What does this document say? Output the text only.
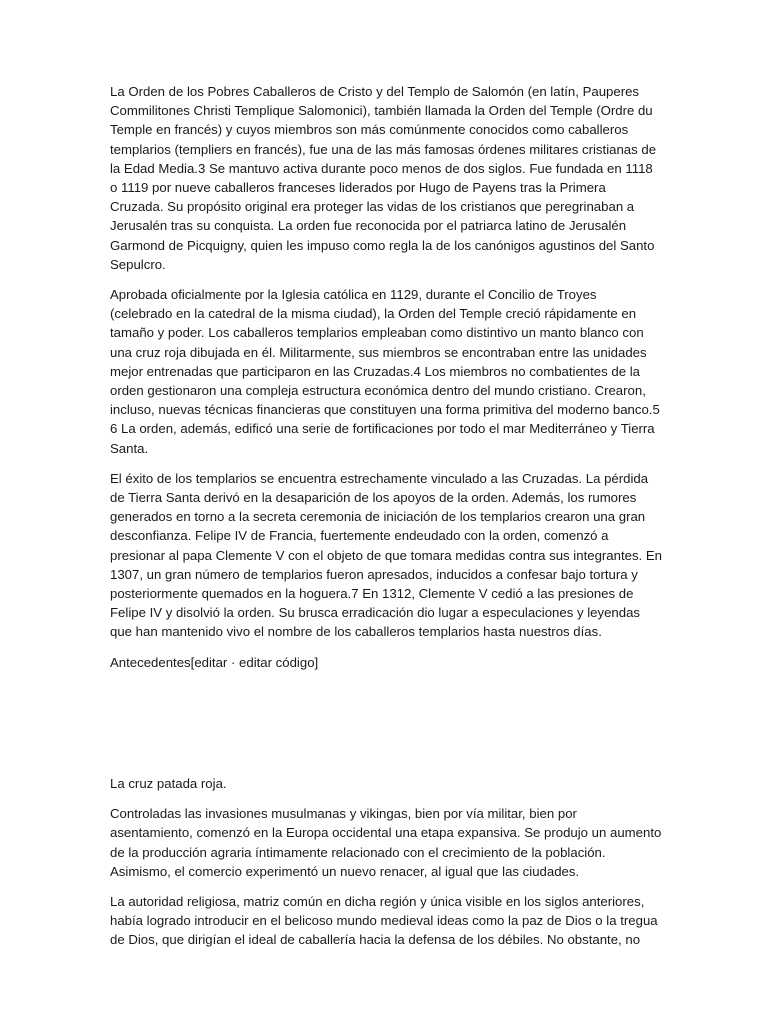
La Orden de los Pobres Caballeros de Cristo y del Templo de Salomón (en latín, Pauperes Commilitones Christi Templique Salomonici), también llamada la Orden del Temple (Ordre du Temple en francés) y cuyos miembros son más comúnmente conocidos como caballeros templarios (templiers en francés), fue una de las más famosas órdenes militares cristianas de la Edad Media.3 Se mantuvo activa durante poco menos de dos siglos. Fue fundada en 1118 o 1119 por nueve caballeros franceses liderados por Hugo de Payens tras la Primera Cruzada. Su propósito original era proteger las vidas de los cristianos que peregrinaban a Jerusalén tras su conquista. La orden fue reconocida por el patriarca latino de Jerusalén Garmond de Picquigny, quien les impuso como regla la de los canónigos agustinos del Santo Sepulcro.

Aprobada oficialmente por la Iglesia católica en 1129, durante el Concilio de Troyes (celebrado en la catedral de la misma ciudad), la Orden del Temple creció rápidamente en tamaño y poder. Los caballeros templarios empleaban como distintivo un manto blanco con una cruz roja dibujada en él. Militarmente, sus miembros se encontraban entre las unidades mejor entrenadas que participaron en las Cruzadas.4 Los miembros no combatientes de la orden gestionaron una compleja estructura económica dentro del mundo cristiano. Crearon, incluso, nuevas técnicas financieras que constituyen una forma primitiva del moderno banco.5 6 La orden, además, edificó una serie de fortificaciones por todo el mar Mediterráneo y Tierra Santa.

El éxito de los templarios se encuentra estrechamente vinculado a las Cruzadas. La pérdida de Tierra Santa derivó en la desaparición de los apoyos de la orden. Además, los rumores generados en torno a la secreta ceremonia de iniciación de los templarios crearon una gran desconfianza. Felipe IV de Francia, fuertemente endeudado con la orden, comenzó a presionar al papa Clemente V con el objeto de que tomara medidas contra sus integrantes. En 1307, un gran número de templarios fueron apresados, inducidos a confesar bajo tortura y posteriormente quemados en la hoguera.7 En 1312, Clemente V cedió a las presiones de Felipe IV y disolvió la orden. Su brusca erradicación dio lugar a especulaciones y leyendas que han mantenido vivo el nombre de los caballeros templarios hasta nuestros días.

Antecedentes[editar · editar código]

La cruz patada roja.

Controladas las invasiones musulmanas y vikingas, bien por vía militar, bien por asentamiento, comenzó en la Europa occidental una etapa expansiva. Se produjo un aumento de la producción agraria íntimamente relacionado con el crecimiento de la población. Asimismo, el comercio experimentó un nuevo renacer, al igual que las ciudades.

La autoridad religiosa, matriz común en dicha región y única visible en los siglos anteriores, había logrado introducir en el belicoso mundo medieval ideas como la paz de Dios o la tregua de Dios, que dirigían el ideal de caballería hacia la defensa de los débiles. No obstante, no
